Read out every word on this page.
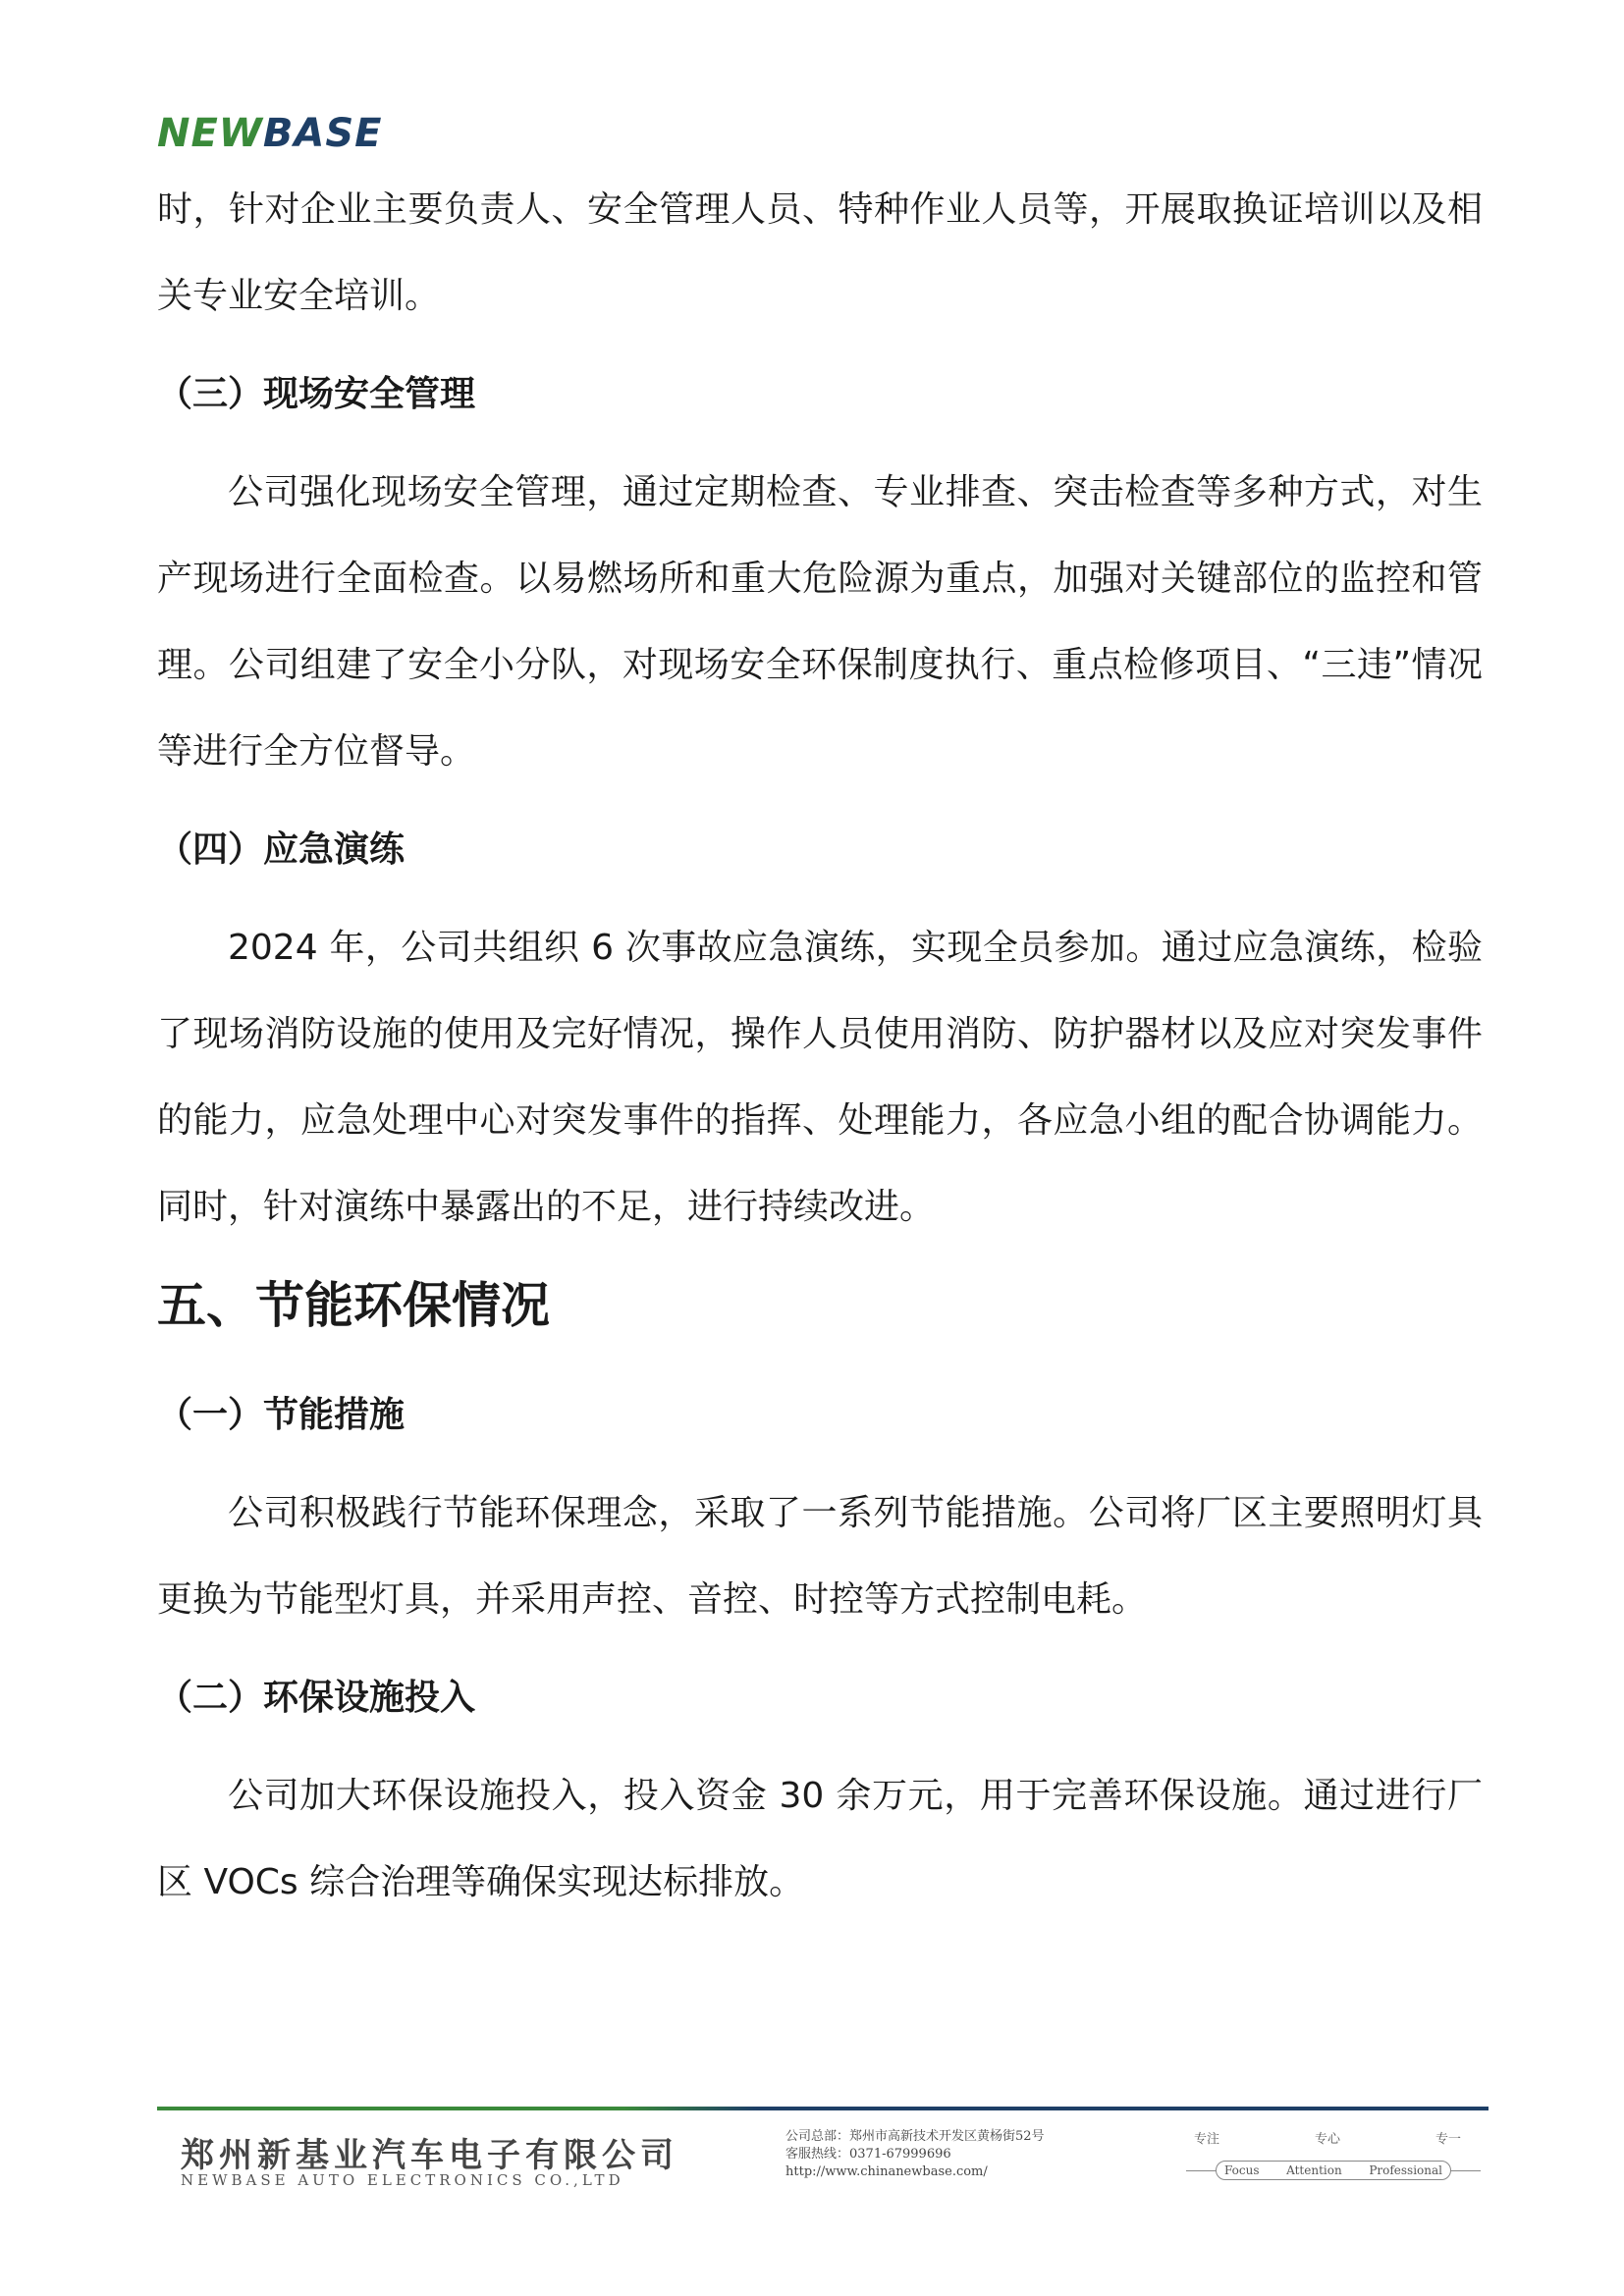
NEWBASE

时，针对企业主要负责人、安全管理人员、特种作业人员等，开展取换证培训以及相关专业安全培训。

（三）现场安全管理

公司强化现场安全管理，通过定期检查、专业排查、突击检查等多种方式，对生产现场进行全面检查。以易燃场所和重大危险源为重点，加强对关键部位的监控和管理。公司组建了安全小分队，对现场安全环保制度执行、重点检修项目、“三违”情况等进行全方位督导。

（四）应急演练

2024 年，公司共组织 6 次事故应急演练，实现全员参加。通过应急演练，检验了现场消防设施的使用及完好情况，操作人员使用消防、防护器材以及应对突发事件的能力，应急处理中心对突发事件的指挥、处理能力，各应急小组的配合协调能力。同时，针对演练中暴露出的不足，进行持续改进。

五、节能环保情况

（一）节能措施

公司积极践行节能环保理念，采取了一系列节能措施。公司将厂区主要照明灯具更换为节能型灯具，并采用声控、音控、时控等方式控制电耗。

（二）环保设施投入

公司加大环保设施投入，投入资金 30 余万元，用于完善环保设施。通过进行厂区 VOCs 综合治理等确保实现达标排放。

郑州新基业汽车电子有限公司
NEWBASE AUTO ELECTRONICS CO.,LTD
公司总部：郑州市高新技术开发区黄杨街52号
客服热线：0371-67999696
http://www.chinanewbase.com/
专注	专心	专一
Focus Attention Professional
